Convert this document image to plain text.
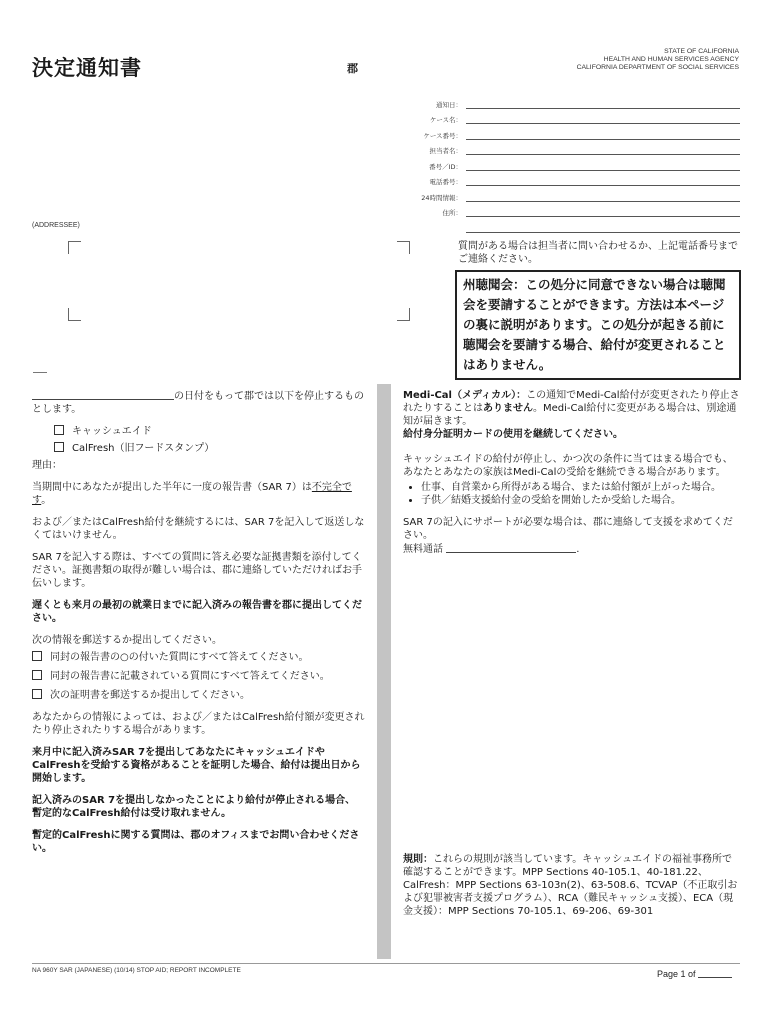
決定通知書	郡
STATE OF CALIFORNIA
HEALTH AND HUMAN SERVICES AGENCY
CALIFORNIA DEPARTMENT OF SOCIAL SERVICES
通知日：
ケース名：
ケース番号：
担当者名：
番号／ID：
電話番号：
24時間情報：
住所：
(ADDRESSEE)
質問がある場合は担当者に問い合わせるか、上記電話番号までご連絡ください。
州聴聞会：この処分に同意できない場合は聴聞会を要請することができます。方法は本ページの裏に説明があります。この処分が起きる前に聴聞会を要請する場合、給付が変更されることはありません。

の日付をもって郡では以下を停止するものとします。

キャッシュエイド
CalFresh（旧フードスタンプ）

理由：

当期間中にあなたが提出した半年に一度の報告書（SAR 7）は不完全です。

および／またはCalFresh給付を継続するには、SAR 7を記入して返送しなくてはいけません。

SAR 7を記入する際は、すべての質問に答え必要な証拠書類を添付してください。証拠書類の取得が難しい場合は、郡に連絡していただければお手伝いします。

遅くとも来月の最初の就業日までに記入済みの報告書を郡に提出してください。

次の情報を郵送するか提出してください。

同封の報告書の○の付いた質問にすべて答えてください。
同封の報告書に記載されている質問にすべて答えてください。
次の証明書を郵送するか提出してください。

あなたからの情報によっては、および／またはCalFresh給付額が変更されたり停止されたりする場合があります。

来月中に記入済みSAR 7を提出してあなたにキャッシュエイドやCalFreshを受給する資格があることを証明した場合、給付は提出日から開始します。

記入済みのSAR 7を提出しなかったことにより給付が停止される場合、暫定的なCalFresh給付は受け取れません。

暫定的CalFreshに関する質問は、郡のオフィスまでお問い合わせください。

Medi-Cal（メディカル）：この通知でMedi-Cal給付が変更されたり停止されたりすることはありません。Medi-Cal給付に変更がある場合は、別途通知が届きます。
給付身分証明カードの使用を継続してください。

キャッシュエイドの給付が停止し、かつ次の条件に当てはまる場合でも、あなたとあなたの家族はMedi-Calの受給を継続できる場合があります。

• 仕事、自営業から所得がある場合、または給付額が上がった場合。
• 子供／結婚支援給付金の受給を開始したか受給した場合。

SAR 7の記入にサポートが必要な場合は、郡に連絡して支援を求めてください。

無料通話	.

規則：これらの規則が該当しています。キャッシュエイドの福祉事務所で確認することができます。MPP Sections 40-105.1、40-181.22、CalFresh：MPP Sections 63-103n(2)、63-508.6、TCVAP（不正取引および犯罪被害者支援プログラム）、RCA（難民キャッシュ支援）、ECA（現金支援）：MPP Sections 70-105.1、69-206、69-301

NA 960Y SAR (JAPANESE) (10/14) STOP AID; REPORT INCOMPLETE	Page 1 of
